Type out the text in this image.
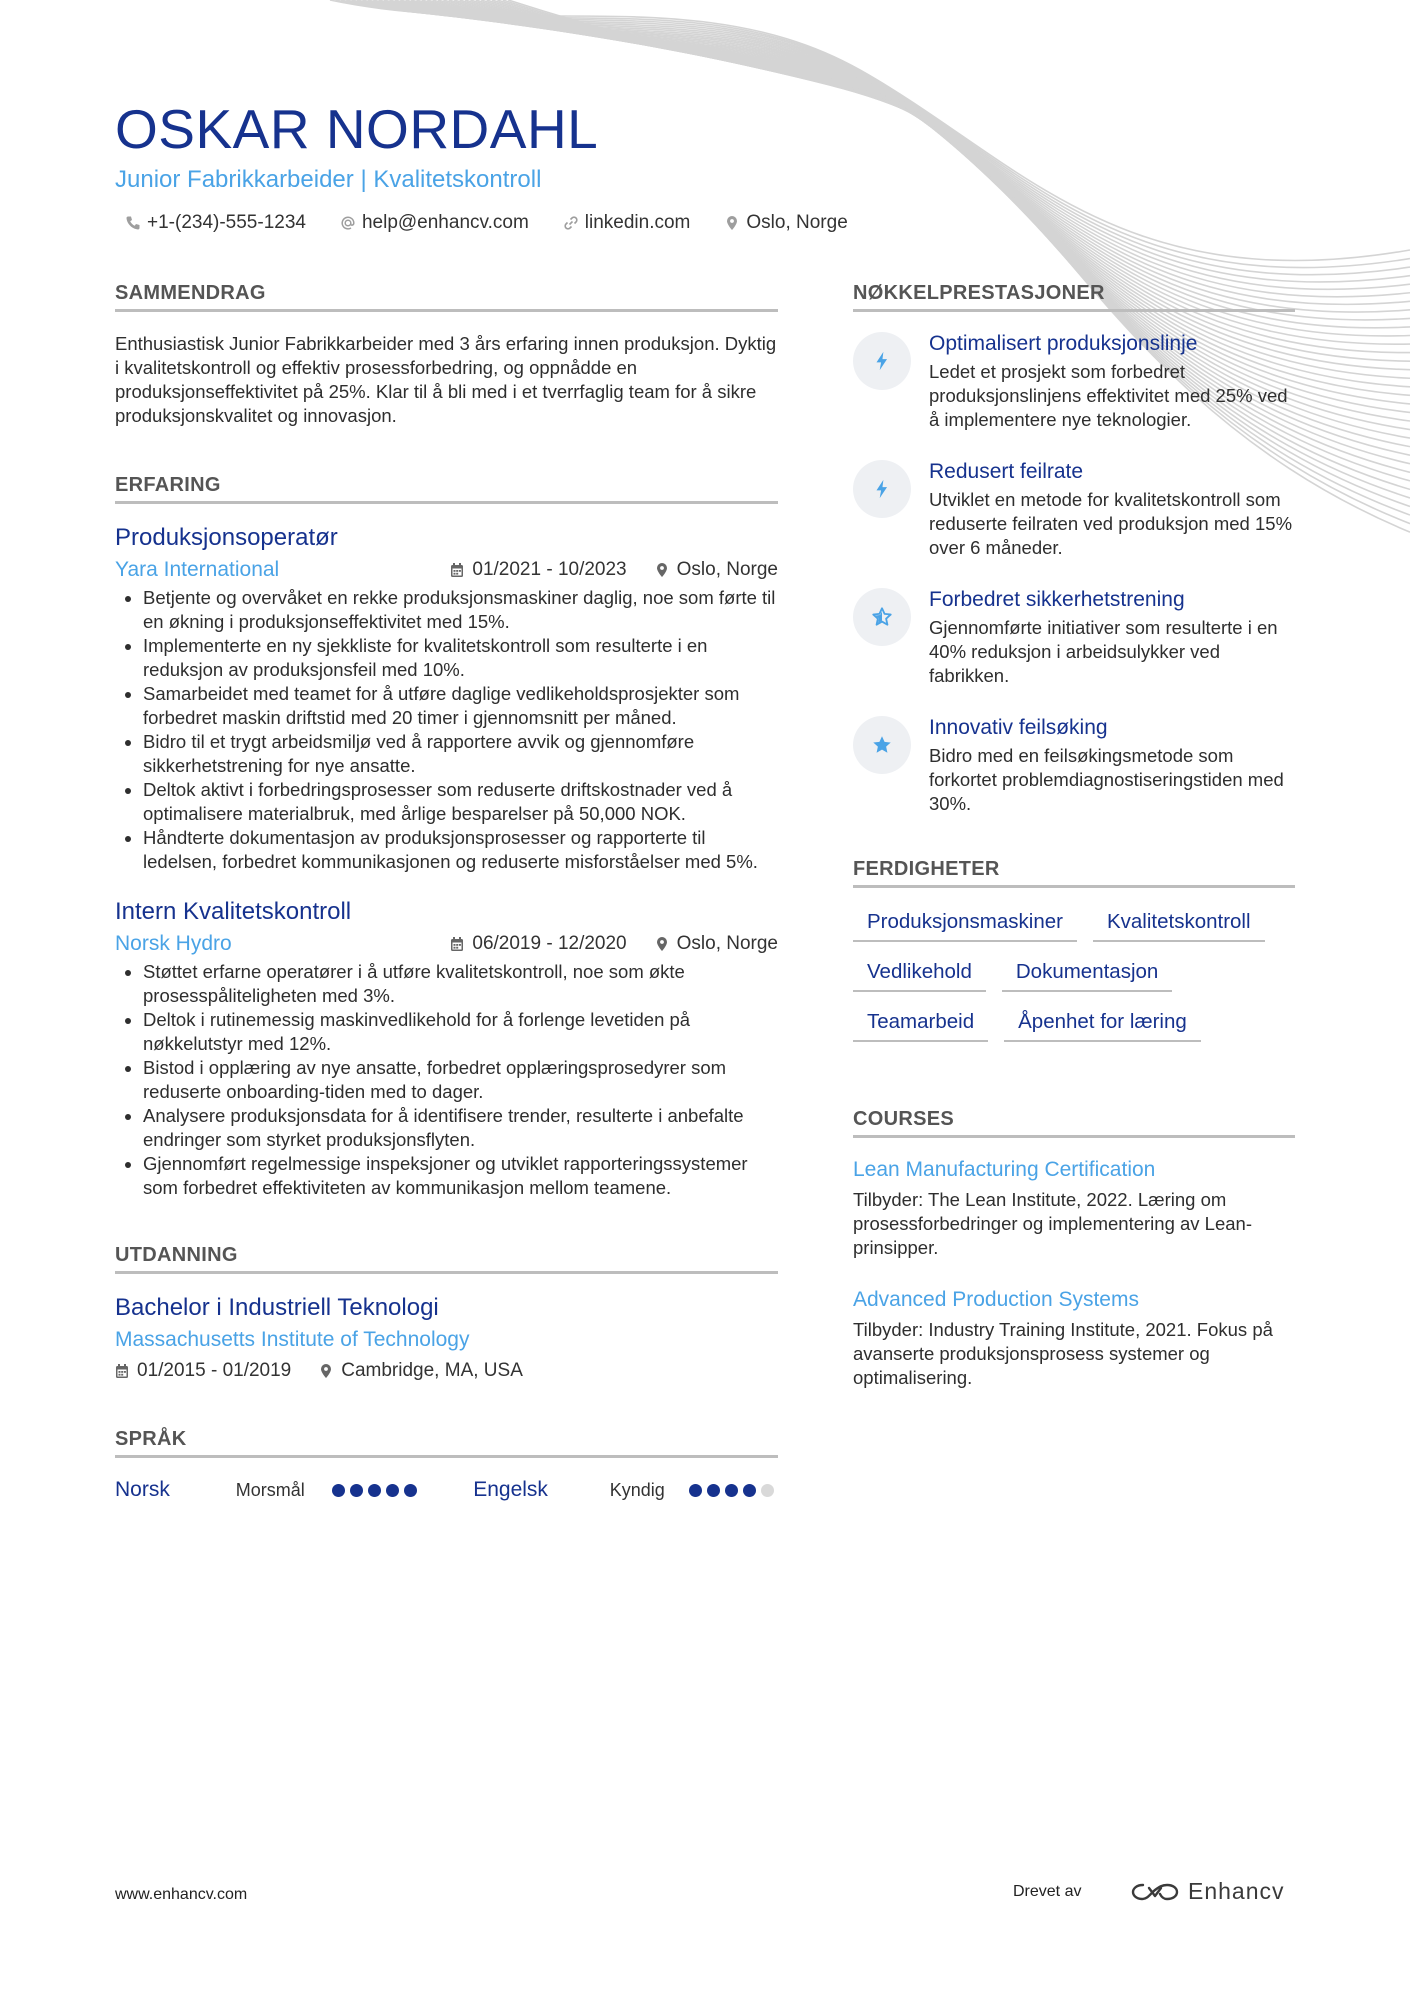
OSKAR NORDAHL
Junior Fabrikkarbeider | Kvalitetskontroll
+1-(234)-555-1234	help@enhancv.com	linkedin.com	Oslo, Norge
SAMMENDRAG

Enthusiastisk Junior Fabrikkarbeider med 3 års erfaring innen produksjon. Dyktig i kvalitetskontroll og effektiv prosessforbedring, og oppnådde en produksjonseffektivitet på 25%. Klar til å bli med i et tverrfaglig team for å sikre produksjonskvalitet og innovasjon.

ERFARING
Produksjonsoperatør
Yara International	01/2021 - 10/2023	Oslo, Norge
• Betjente og overvåket en rekke produksjonsmaskiner daglig, noe som førte til en økning i produksjonseffektivitet med 15%.
• Implementerte en ny sjekkliste for kvalitetskontroll som resulterte i en reduksjon av produksjonsfeil med 10%.
• Samarbeidet med teamet for å utføre daglige vedlikeholdsprosjekter som forbedret maskin driftstid med 20 timer i gjennomsnitt per måned.
• Bidro til et trygt arbeidsmiljø ved å rapportere avvik og gjennomføre sikkerhetstrening for nye ansatte.
• Deltok aktivt i forbedringsprosesser som reduserte driftskostnader ved å optimalisere materialbruk, med årlige besparelser på 50,000 NOK.
• Håndterte dokumentasjon av produksjonsprosesser og rapporterte til ledelsen, forbedret kommunikasjonen og reduserte misforståelser med 5%.
Intern Kvalitetskontroll
Norsk Hydro	06/2019 - 12/2020	Oslo, Norge
• Støttet erfarne operatører i å utføre kvalitetskontroll, noe som økte prosesspåliteligheten med 3%.
• Deltok i rutinemessig maskinvedlikehold for å forlenge levetiden på nøkkelutstyr med 12%.
• Bistod i opplæring av nye ansatte, forbedret opplæringsprosedyrer som reduserte onboarding-tiden med to dager.
• Analysere produksjonsdata for å identifisere trender, resulterte i anbefalte endringer som styrket produksjonsflyten.
• Gjennomført regelmessige inspeksjoner og utviklet rapporteringssystemer som forbedret effektiviteten av kommunikasjon mellom teamene.
UTDANNING
Bachelor i Industriell Teknologi
Massachusetts Institute of Technology
01/2015 - 01/2019	Cambridge, MA, USA
SPRÅK
Norsk	Morsmål	Engelsk	Kyndig
NØKKELPRESTASJONER
Optimalisert produksjonslinje

Ledet et prosjekt som forbedret produksjonslinjens effektivitet med 25% ved å implementere nye teknologier.

Redusert feilrate

Utviklet en metode for kvalitetskontroll som reduserte feilraten ved produksjon med 15% over 6 måneder.

Forbedret sikkerhetstrening

Gjennomførte initiativer som resulterte i en 40% reduksjon i arbeidsulykker ved fabrikken.

Innovativ feilsøking

Bidro med en feilsøkingsmetode som forkortet problemdiagnostiseringstiden med 30%.

FERDIGHETER
Produksjonsmaskiner	Kvalitetskontroll
Vedlikehold	Dokumentasjon
Teamarbeid	Åpenhet for læring
COURSES
Lean Manufacturing Certification

Tilbyder: The Lean Institute, 2022. Læring om prosessforbedringer og implementering av Lean-prinsipper.

Advanced Production Systems

Tilbyder: Industry Training Institute, 2021. Fokus på avanserte produksjonsprosess systemer og optimalisering.

www.enhancv.com	Drevet av	Enhancv
